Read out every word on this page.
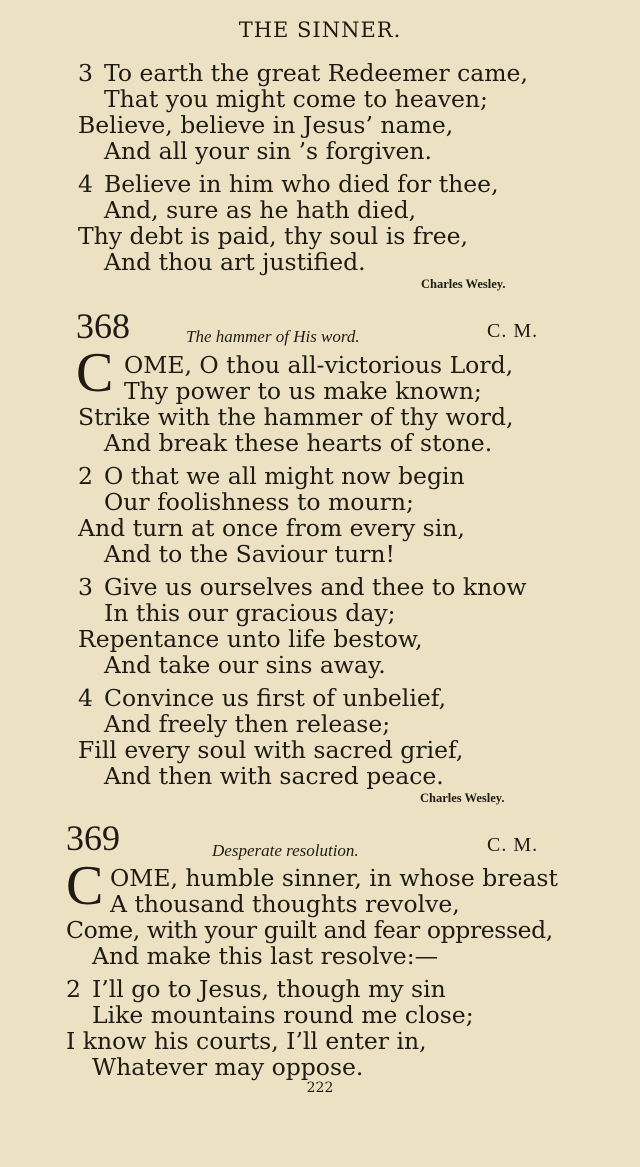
THE SINNER.
3 To earth the great Redeemer came,
That you might come to heaven;
Believe, believe in Jesus’ name,
And all your sin ’s forgiven.
4 Believe in him who died for thee,
And, sure as he hath died,
Thy debt is paid, thy soul is free,
And thou art justified.
Charles Wesley.
368	The hammer of His word.	C. M.
C OME, O thou all-victorious Lord,
Thy power to us make known;
Strike with the hammer of thy word,
And break these hearts of stone.
2 O that we all might now begin
Our foolishness to mourn;
And turn at once from every sin,
And to the Saviour turn!
3 Give us ourselves and thee to know
In this our gracious day;
Repentance unto life bestow,
And take our sins away.
4 Convince us first of unbelief,
And freely then release;
Fill every soul with sacred grief,
And then with sacred peace.
Charles Wesley.
369	Desperate resolution.	C. M.
C OME, humble sinner, in whose breast
A thousand thoughts revolve,
Come, with your guilt and fear oppressed,
And make this last resolve:—
2 I’ll go to Jesus, though my sin
Like mountains round me close;
I know his courts, I’ll enter in,
Whatever may oppose.
222
